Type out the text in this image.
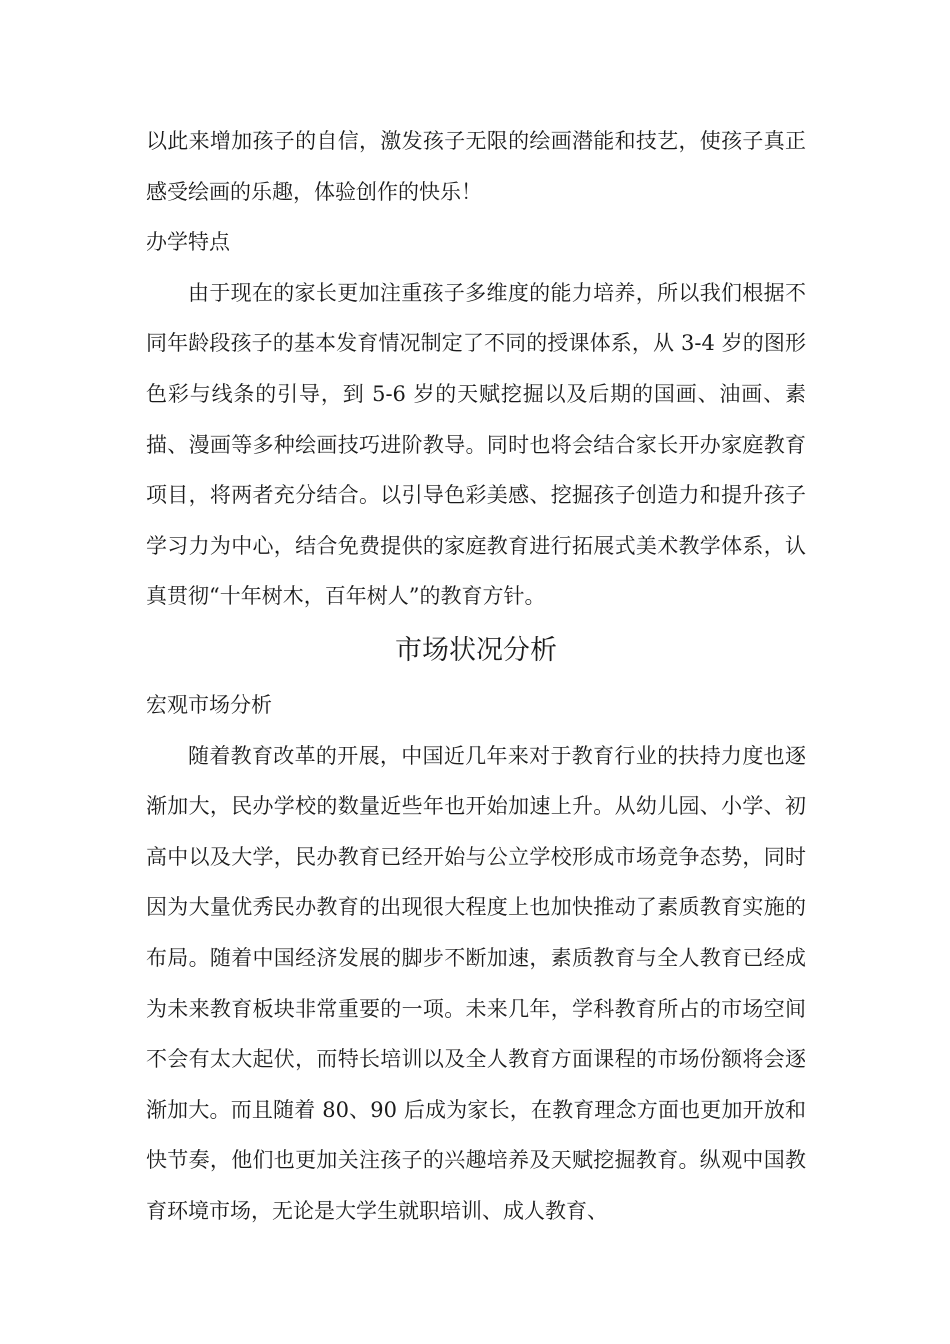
以此来增加孩子的自信，激发孩子无限的绘画潜能和技艺，使孩子真正感受绘画的乐趣，体验创作的快乐！

办学特点

由于现在的家长更加注重孩子多维度的能力培养，所以我们根据不同年龄段孩子的基本发育情况制定了不同的授课体系，从 3-4 岁的图形色彩与线条的引导，到 5-6 岁的天赋挖掘以及后期的国画、油画、素描、漫画等多种绘画技巧进阶教导。同时也将会结合家长开办家庭教育项目，将两者充分结合。以引导色彩美感、挖掘孩子创造力和提升孩子学习力为中心，结合免费提供的家庭教育进行拓展式美术教学体系，认真贯彻“十年树木，百年树人”的教育方针。

市场状况分析

宏观市场分析

随着教育改革的开展，中国近几年来对于教育行业的扶持力度也逐渐加大，民办学校的数量近些年也开始加速上升。从幼儿园、小学、初高中以及大学，民办教育已经开始与公立学校形成市场竞争态势，同时因为大量优秀民办教育的出现很大程度上也加快推动了素质教育实施的布局。随着中国经济发展的脚步不断加速，素质教育与全人教育已经成为未来教育板块非常重要的一项。未来几年，学科教育所占的市场空间不会有太大起伏，而特长培训以及全人教育方面课程的市场份额将会逐渐加大。而且随着 80、90 后成为家长，在教育理念方面也更加开放和快节奏，他们也更加关注孩子的兴趣培养及天赋挖掘教育。纵观中国教育环境市场，无论是大学生就职培训、成人教育、
